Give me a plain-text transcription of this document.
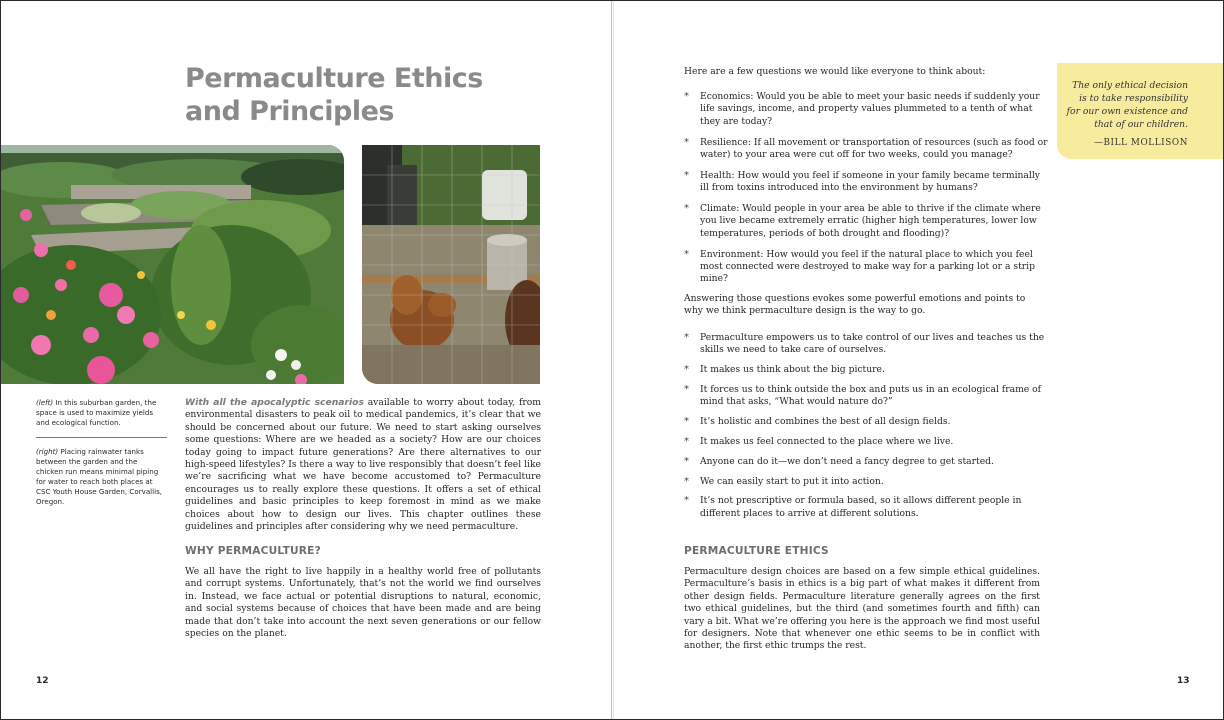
Permaculture Ethics and Principles

(left) In this suburban garden, the space is used to maximize yields and ecological function.

(right) Placing rainwater tanks between the garden and the chicken run means minimal piping for water to reach both places at CSC Youth House Garden, Corvallis, Oregon.

With all the apocalyptic scenarios available to worry about today, from environmental disasters to peak oil to medical pandemics, it’s clear that we should be concerned about our future. We need to start asking ourselves some questions: Where are we headed as a society? How are our choices today going to impact future generations? Are there alternatives to our high-speed lifestyles? Is there a way to live responsibly that doesn’t feel like we’re sacrificing what we have become accustomed to? Permaculture encourages us to really explore these questions. It offers a set of ethical guidelines and basic principles to keep foremost in mind as we make choices about how to design our lives. This chapter outlines these guidelines and principles after considering why we need permaculture.

WHY PERMACULTURE?

We all have the right to live happily in a healthy world free of pollutants and corrupt systems. Unfortunately, that’s not the world we find ourselves in. Instead, we face actual or potential disruptions to natural, economic, and social systems because of choices that have been made and are being made that don’t take into account the next seven generations or our fellow species on the planet.

12

Here are a few questions we would like everyone to think about:

* Economics: Would you be able to meet your basic needs if suddenly your life savings, income, and property values plummeted to a tenth of what they are today?
* Resilience: If all movement or transportation of resources (such as food or water) to your area were cut off for two weeks, could you manage?
* Health: How would you feel if someone in your family became terminally ill from toxins introduced into the environment by humans?
* Climate: Would people in your area be able to thrive if the climate where you live became extremely erratic (higher high temperatures, lower low temperatures, periods of both drought and flooding)?
* Environment: How would you feel if the natural place to which you feel most connected were destroyed to make way for a parking lot or a strip mine?

Answering those questions evokes some powerful emotions and points to why we think permaculture design is the way to go.

* Permaculture empowers us to take control of our lives and teaches us the skills we need to take care of ourselves.
* It makes us think about the big picture.
* It forces us to think outside the box and puts us in an ecological frame of mind that asks, “What would nature do?”
* It’s holistic and combines the best of all design fields.
* It makes us feel connected to the place where we live.
* Anyone can do it—we don’t need a fancy degree to get started.
* We can easily start to put it into action.
* It’s not prescriptive or formula based, so it allows different people in different places to arrive at different solutions.
PERMACULTURE ETHICS

Permaculture design choices are based on a few simple ethical guidelines. Permaculture’s basis in ethics is a big part of what makes it different from other design fields. Permaculture literature generally agrees on the first two ethical guidelines, but the third (and sometimes fourth and fifth) can vary a bit. What we’re offering you here is the approach we find most useful for designers. Note that whenever one ethic seems to be in conflict with another, the first ethic trumps the rest.

The only ethical decision is to take responsibility for our own existence and that of our children.

—BILL MOLLISON

13
